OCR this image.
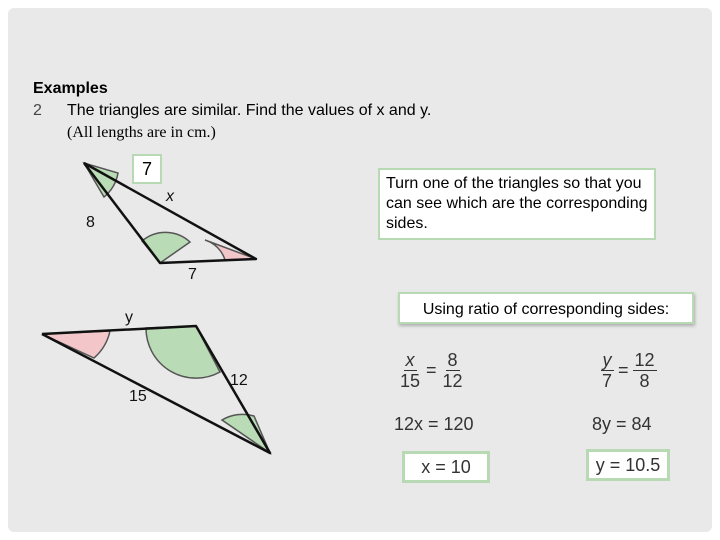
Examples
2 The triangles are similar. Find the values of x and y.
(All lengths are in cm.)
7
x
8
7
y
15
12
Turn one of the triangles so that you can see which are the corresponding sides.
Using ratio of corresponding sides:
$\frac{x}{15} = \frac{8}{12}$
12x = 120
x = 10
$\frac{y}{7} = \frac{12}{8}$
8y = 84
y = 10.5
